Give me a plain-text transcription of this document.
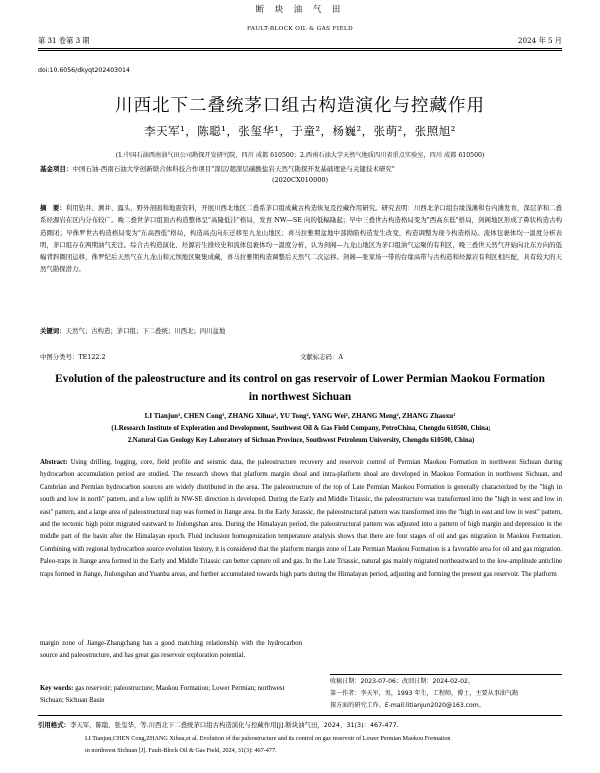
断 块 油 气 田
第 31 卷第 3 期
FAULT-BLOCK OIL & GAS FIELD
2024 年 5 月
doi:10.6056/dkyqt202403014
川西北下二叠统茅口组古构造演化与控藏作用
李天军¹，陈聪¹，张玺华¹，于童²，杨巍²，张萌²，张照旭²
(1.中国石油西南油气田公司勘探开发研究院，四川 成都 610500；2.西南石油大学天然气地质四川省重点实验室，四川 成都 610500)
基金项目：中国石油-西南石油大学创新联合体科技合作项目"深层/超深层碳酸盐岩天然气勘探开发基础理论与关键技术研究"
(2020CX010000)
摘　要：利用钻井、测井、露头、野外剖面和地震资料，开展川西北地区二叠系茅口组成藏古构造恢复及控藏作用研究。研究表明：川西北茅口组台缘浅滩和台内滩发育，深层茅和二叠系烃源岩在区内分布较广。晚二叠世茅口组顶古构造整体呈"高隆低洼"格局，发育 NW—SE 向的低幅隆起；早中三叠世古构造格局变为"西高东低"格局，剑阁地区形成了鼻状构造古构造圈闭；早侏罗世古构造格局变为"东高西低"格局，构造高点向东迁移至九龙山地区；喜马拉雅期盆地中部拗陷构造发生改变，构造调整为现今构造格局。流体包裹体均一温度分析表明，茅口组存在两期油气充注。综合古构造演化、烃源岩生排烃史和流体包裹体均一温度分析，认为剑阁—九龙山地区为茅口组油气运聚的有利区，晚三叠世天然气开始向北东方向的低幅背斜圈闭运移，侏罗纪后天然气在九龙山和元坝地区聚集成藏，喜马拉雅期构造调整后天然气二次运移。剑阁—张家场一带的台缘高带与古构造和烃源岩有利区相匹配，具有较大的天然气勘探潜力。
关键词：天然气；古构造；茅口组；下二叠统；川西北；四川盆地
中图分类号：TE122.2	文献标志码：A
Evolution of the paleostructure and its control on gas reservoir of Lower Permian Maokou Formation in northwest Sichuan
LI Tianjun¹, CHEN Cong¹, ZHANG Xihua¹, YU Tong², YANG Wei², ZHANG Meng², ZHANG Zhaoxu²
(1.Research Institute of Exploration and Development, Southwest Oil & Gas Field Company, PetroChina, Chengdu 610500, China;
2.Natural Gas Geology Key Laboratory of Sichuan Province, Southwest Petroleum University, Chengdu 610500, China)
Abstract: Using drilling, logging, core, field profile and seismic data, the paleostructure recovery and reservoir control of Permian Maokou Formation in northwest Sichuan during hydrocarbon accumulation period are studied. The research shows that platform margin shoal and intra-platform shoal are developed in Maokou Formation in northwest Sichuan, and Cambrian and Permian hydrocarbon sources are widely distributed in the area. The paleostructure of the top of Late Permian Maokou Formation is generally characterized by the "high in south and low in north" pattern, and a low uplift in NW-SE direction is developed. During the Early and Middle Triassic, the paleostructure was transformed into the "high in west and low in east" pattern, and a large area of paleostructural trap was formed in Jiange area. In the Early Jurassic, the paleostructural pattern was transformed into the "high in east and low in west" pattern, and the tectonic high point migrated eastward to Jiulongshan area. During the Himalayan period, the paleostructural pattern was adjusted into a pattern of high margin and depression in the middle part of the basin after the Himalayan epoch. Fluid inclusion homogenization temperature analysis shows that there are four stages of oil and gas migration in Maokou Formation. Combining with regional hydrocarbon source evolution history, it is considered that the platform margin zone of Late Permian Maokou Formation is a favorable area for oil and gas migration. Paleo-traps in Jiange area formed in the Early and Middle Triassic can better capture oil and gas. In the Late Triassic, natural gas mainly migrated northeastward to the low-amplitude anticline traps formed in Jiange, Jiulongshan and Yuanba areas, and further accumulated towards high parts during the Himalayan period, adjusting and forming the present gas reservoir. The platform
margin zone of Jiange-Zhangchang has a good matching relationship with the hydrocarbon source and paleostructure, and has great gas reservoir exploration potential.
Key words: gas reservoir; paleostructure; Maokou Formation; Lower Permian; northwest Sichuan; Sichuan Basin
收稿日期：2023-07-06；改回日期：2024-02-02。
第一作者：李天军，男，1993 年生，工程师，博士，主要从事油气勘
探方面的研究工作。E-mail:litianjun2020@163.com。
引用格式：李天军，陈聪，张玺华，等.川西北下二叠统茅口组古构造演化与控藏作用[J].断块油气田，2024，31(3)：467-477.
LI Tianjun,CHEN Cong,ZHANG Xihua,et al. Evolution of the paleostructure and its control on gas reservoir of Lower Permian Maokou Formation
in northwest Sichuan [J]. Fault-Block Oil & Gas Field, 2024, 31(3): 467-477.
